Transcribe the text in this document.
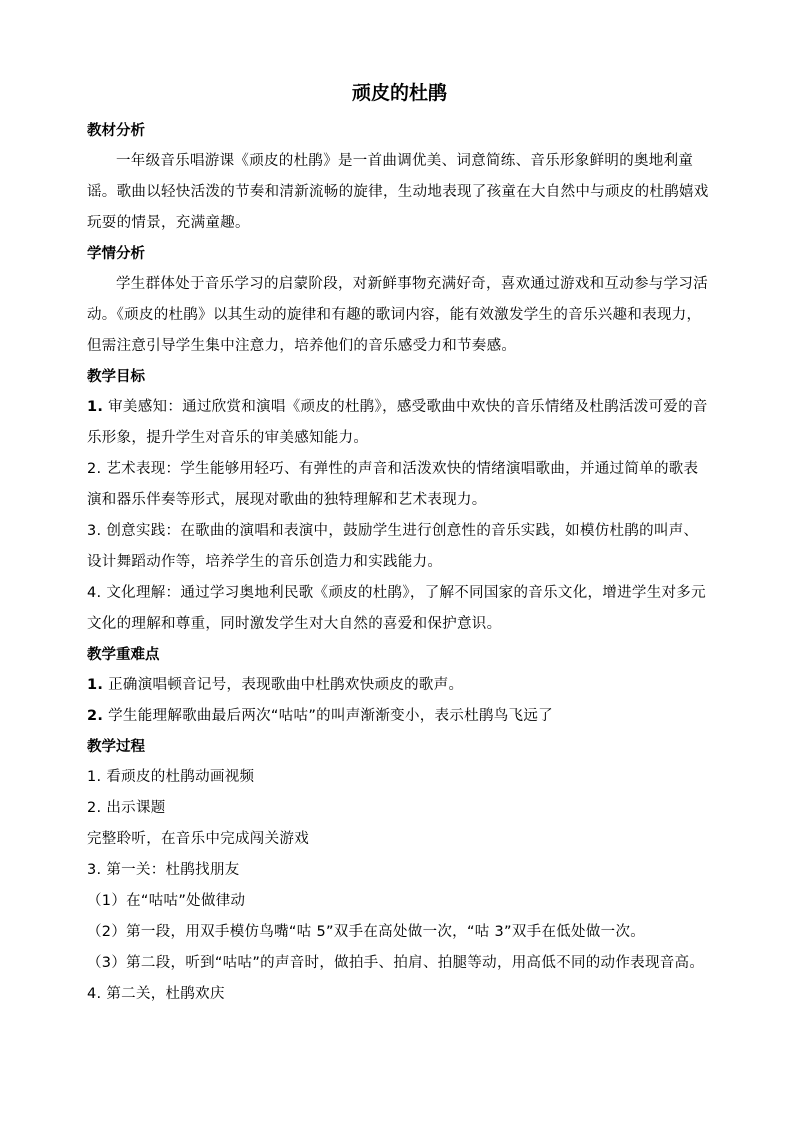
顽皮的杜鹃

教材分析

一年级音乐唱游课《顽皮的杜鹃》是一首曲调优美、词意简练、音乐形象鲜明的奥地利童谣。歌曲以轻快活泼的节奏和清新流畅的旋律，生动地表现了孩童在大自然中与顽皮的杜鹃嬉戏玩耍的情景，充满童趣。

学情分析

学生群体处于音乐学习的启蒙阶段，对新鲜事物充满好奇，喜欢通过游戏和互动参与学习活动。《顽皮的杜鹃》以其生动的旋律和有趣的歌词内容，能有效激发学生的音乐兴趣和表现力，但需注意引导学生集中注意力，培养他们的音乐感受力和节奏感。

教学目标

1. 审美感知：通过欣赏和演唱《顽皮的杜鹃》，感受歌曲中欢快的音乐情绪及杜鹃活泼可爱的音乐形象，提升学生对音乐的审美感知能力。

2. 艺术表现：学生能够用轻巧、有弹性的声音和活泼欢快的情绪演唱歌曲，并通过简单的歌表演和器乐伴奏等形式，展现对歌曲的独特理解和艺术表现力。

3. 创意实践：在歌曲的演唱和表演中，鼓励学生进行创意性的音乐实践，如模仿杜鹃的叫声、设计舞蹈动作等，培养学生的音乐创造力和实践能力。

4. 文化理解：通过学习奥地利民歌《顽皮的杜鹃》，了解不同国家的音乐文化，增进学生对多元文化的理解和尊重，同时激发学生对大自然的喜爱和保护意识。

教学重难点

1. 正确演唱顿音记号，表现歌曲中杜鹃欢快顽皮的歌声。

2. 学生能理解歌曲最后两次“咕咕”的叫声渐渐变小，表示杜鹃鸟飞远了

教学过程

1. 看顽皮的杜鹃动画视频

2. 出示课题

完整聆听，在音乐中完成闯关游戏

3. 第一关：杜鹃找朋友

（1）在“咕咕”处做律动

（2）第一段，用双手模仿鸟嘴“咕 5”双手在高处做一次，“咕 3”双手在低处做一次。

（3）第二段，听到“咕咕”的声音时，做拍手、拍肩、拍腿等动，用高低不同的动作表现音高。

4. 第二关，杜鹃欢庆
